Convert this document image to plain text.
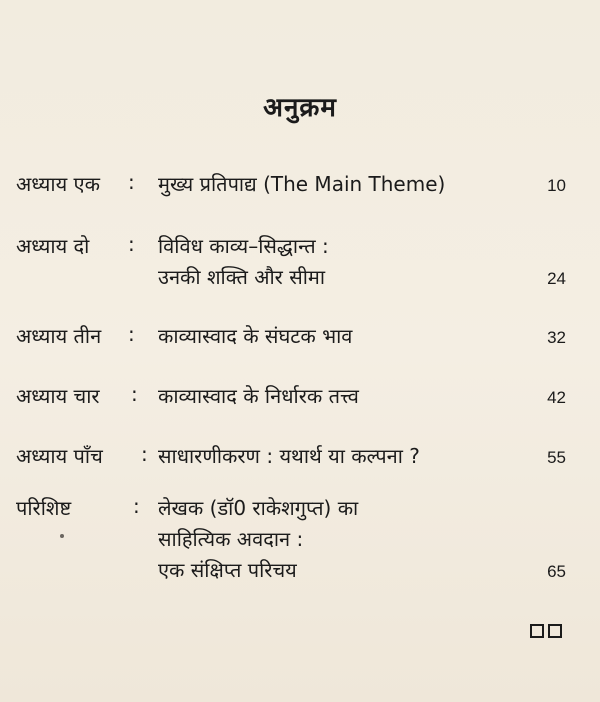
अनुक्रम
अध्याय एक : मुख्य प्रतिपाद्य (The Main Theme)	10
अध्याय दो : विविध काव्य–सिद्धान्त :
उनकी शक्ति और सीमा	24
अध्याय तीन : काव्यास्वाद के संघटक भाव	32
अध्याय चार : काव्यास्वाद के निर्धारक तत्त्व	42
अध्याय पाँच : साधारणीकरण : यथार्थ या कल्पना ?	55
परिशिष्ट	: लेखक (डॉ0 राकेशगुप्त) का
साहित्यिक अवदान :
एक संक्षिप्त परिचय	65
